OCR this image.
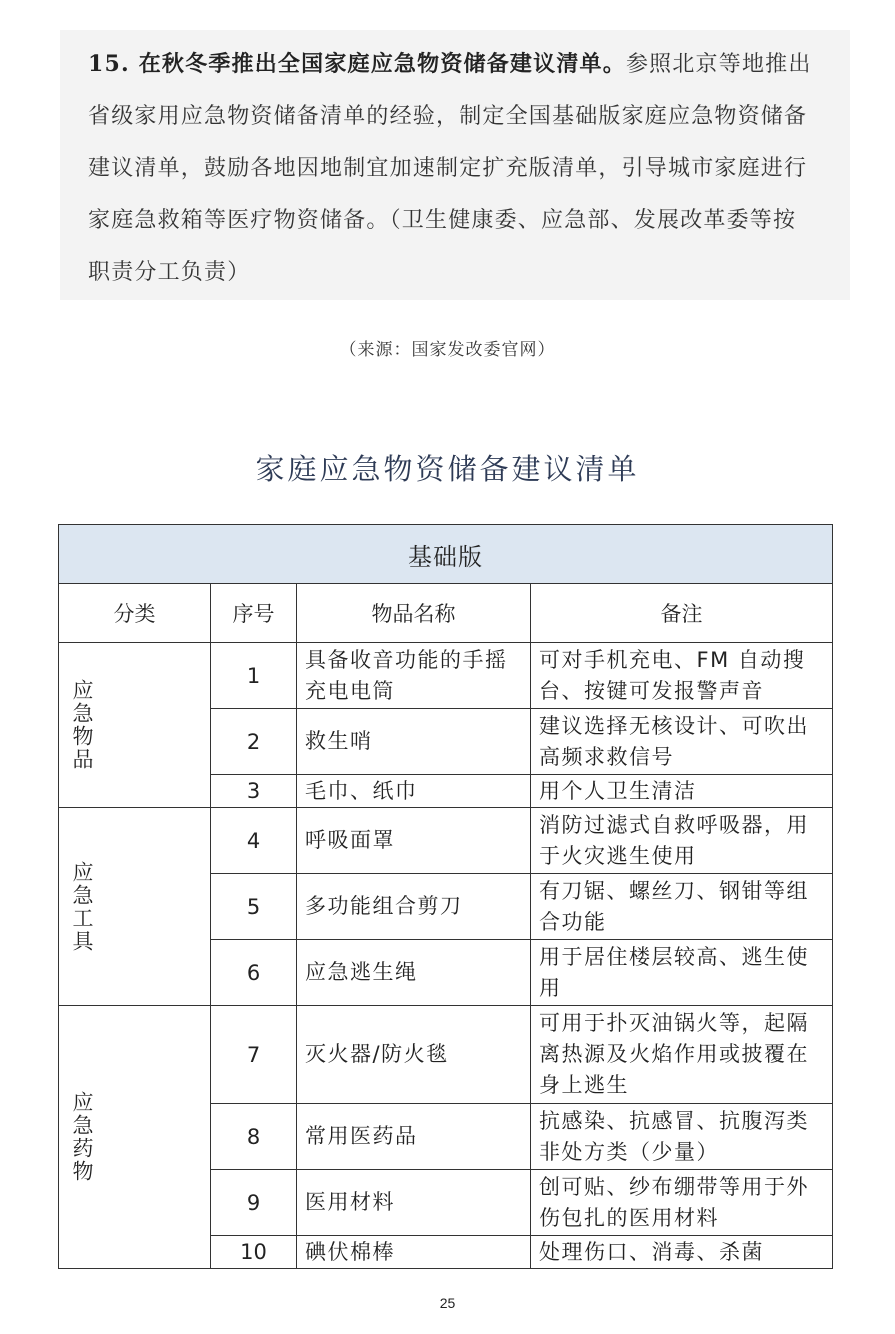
15. 在秋冬季推出全国家庭应急物资储备建议清单。参照北京等地推出省级家用应急物资储备清单的经验，制定全国基础版家庭应急物资储备建议清单，鼓励各地因地制宜加速制定扩充版清单，引导城市家庭进行家庭急救箱等医疗物资储备。（卫生健康委、应急部、发展改革委等按职责分工负责）
（来源：国家发改委官网）
家庭应急物资储备建议清单
基础版			
分类	序号	物品名称	备注

应急物品	1	具备收音功能的手摇充电电筒	可对手机充电、FM 自动搜台、按键可发报警声音
	2	救生哨	建议选择无核设计、可吹出高频求救信号
	3	毛巾、纸巾	用个人卫生清洁

应急工具	4	呼吸面罩	消防过滤式自救呼吸器，用于火灾逃生使用
	5	多功能组合剪刀	有刀锯、螺丝刀、钢钳等组合功能
	6	应急逃生绳	用于居住楼层较高、逃生使用

应急药物	7	灭火器/防火毯	可用于扑灭油锅火等，起隔离热源及火焰作用或披覆在身上逃生
	8	常用医药品	抗感染、抗感冒、抗腹泻类非处方类（少量）
	9	医用材料	创可贴、纱布绷带等用于外伤包扎的医用材料
	10	碘伏棉棒	处理伤口、消毒、杀菌
25
